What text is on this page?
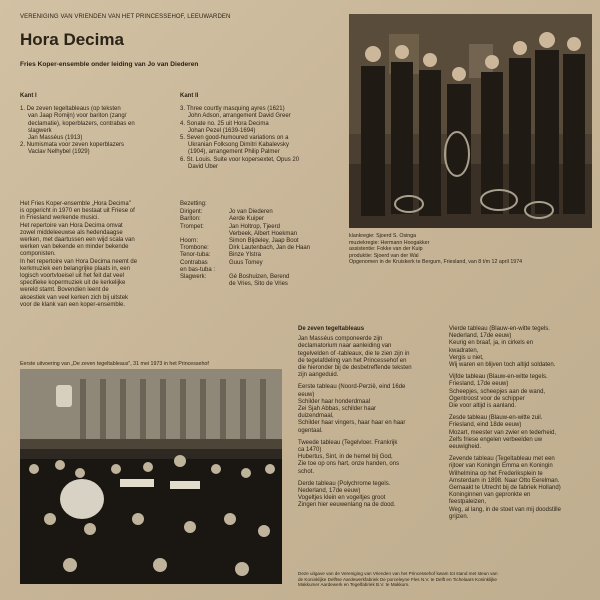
VERENIGING VAN VRIENDEN VAN HET PRINCESSEHOF, LEEUWARDEN
Hora Decima
Fries Koper-ensemble onder leiding van Jo van Diederen
Kant I
1. De zeven tegeltableaus (op teksten
van Jaap Romijn) voor bariton (zang/
declamatie), koperblazers, contrabas en
slagwerk
Jan Masséus (1913)
2. Numismata voor zeven koperblazers
Vaclav Nelhybel (1929)
Kant II
3. Three courtly masquing ayres (1621)
John Adson, arrangement David Greer
4. Sonate no. 25 uit Hora Decima
Johan Pezel (1639-1694)
5. Seven good-humoured variations on a
Ukranian Folksong Dimitri Kabalevsky
(1904), arrangement Philip Palmer
6. St. Louis. Suite voor kopersextet, Opus 20
David Uber
klankregie: Sjoerd S. Osinga
muziekregie: Hermann Hoogakker
assistentie: Fokke van der Kuip
produktie: Sjoerd van der Wal
Opgenomen in de Kruiskerk te Bergum, Friesland, van 8 t/m 12 april 1974
Het Fries Koper-ensemble „Hora Decima"
is opgericht in 1970 en bestaat uit Friese of
in Friesland werkende musici.
Het repertoire van Hora Decima omvat
zowel middeleeuwse als hedendaagse
werken, met daartussen een wijd scala van
werken van bekende en minder bekende
componisten.
In het repertoire van Hora Decima neemt de
kerkmuziek een belangrijke plaats in, een
logisch voortvloeisel uit het feit dat veel
specifieke kopermuziek uit de kerkelijke
wereld stamt. Bovendien leent de
akoestiek van veel kerken zich bij uitstek
voor de klank van een koper-ensemble.
Bezetting:
Dirigent:	Jo van Diederen
Bariton:	Aerde Kuiper
Trompet:	Jan Holtrop, Tjeerd
Verbeek, Albert Hoekman
Hoorn:	Simon Bijdeley, Jaap Boot
Trombone:	Dirk Lautenbach, Jan de Haan
Tenor-tuba:	Binze Ylstra
Contrabas	Guus Tomey
en bas-tuba :
Slagwerk:	Gé Boshuizen, Berend
de Vries, Sito de Vries
Eerste uitvoering van „De zeven tegeltableaus", 31 mei 1973 in het Princessehof
De zeven tegeltableaus

Jan Masséus componeerde zijn

declamatorium naar aanleiding van

tegelvelden of -tableaux, die te zien zijn in

de tegelafdeling van het Princessehof en

die hieronder bij de desbetreffende teksten

zijn aangeduid.

Eerste tableau (Noord-Perzië, eind 16de

eeuw)

Schilder haar honderdmaal

Zei Sjah Abbas, schilder haar

duizendmaal,

Schilder haar vingers, haar haar en haar

ogentaal.

Tweede tableau (Tegelvloer. Frankrijk

ca 1470)

Hubertus, Sint, in de hemel bij God,

Zie toe op ons hart, onze handen, ons

schot.

Derde tableau (Polychrome tegels.

Nederland, 17de eeuw)

Vogeltjes klein en vogeltjes groot

Zingen hier eeuwenlang na de dood.

Vierde tableau (Blauw-en-witte tegels.

Nederland, 17de eeuw)

Keurig en braaf, ja, in cirkels en

kwadraten,

Vergis u niet,

Wij waren en blijven toch altijd soldaten.

Vijfde tableau (Blauw-en-witte tegels.

Friesland, 17de eeuw)

Scheepjes, scheepjes aan de wand,

Ogentroost voor de schipper

Die voor altijd is aanland.

Zesde tableau (Blauw-en-witte zuil.

Friesland, eind 18de eeuw)

Mozart, meester van zwier en tederheid,

Zelfs friese engelen verbeelden uw

eeuwigheid.

Zevende tableau (Tegeltableau met een

rijtoer van Koningin Emma en Koningin

Wilhelmina op het Frederiksplein te

Amsterdam in 1898. Naar Otto Eerelman.

Gemaakt te Utrecht bij de fabriek Holland)

Koninginnen van gepronkte en

feestpaleizen,

Weg, al lang, in de stoet van mij doodstille

grijzen.

Deze uitgave van de Vereniging van Vrienden van het Princessehof kwam tot stand met steun van
de Koninklijke Delftse Aardewerkfabriek De porceleyne Fles N.V. te Delft en Tichelaars Koninklijke
Makkumer Aardewerk en Tegelfabriek B.V. te Makkum.
